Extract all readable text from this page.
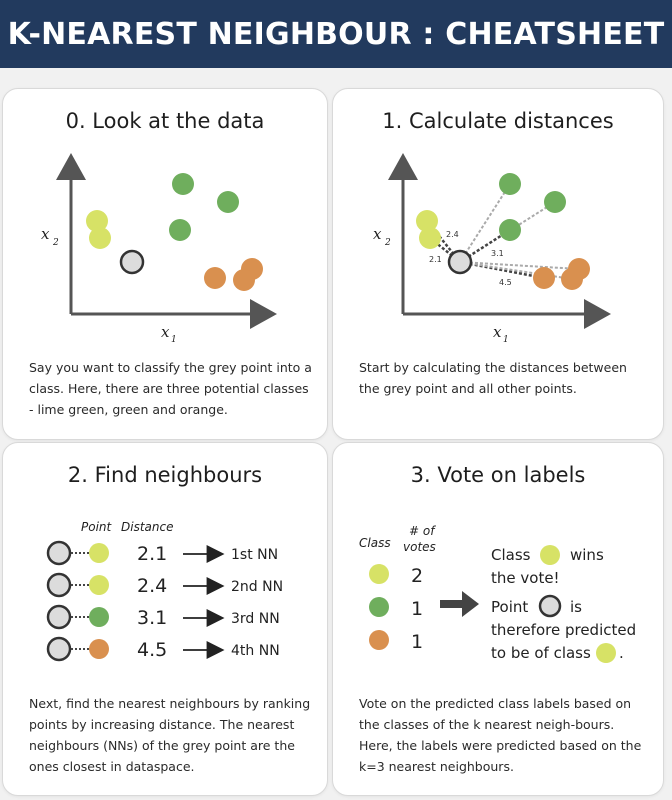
K-NEAREST NEIGHBOUR : CHEATSHEET
0. Look at the data
x 2
x 1
Say you want to classify the grey point into a class. Here, there are three potential classes - lime green, green and orange.
1. Calculate distances
x 2
x 1
2.4
2.1
3.1
4.5
Start by calculating the distances between the grey point and all other points.
2. Find neighbours
Point Distance
2.1	1st NN
2.4	2nd NN
3.1	3rd NN
4.5	4th NN
Next, find the nearest neighbours by ranking points by increasing distance. The nearest neighbours (NNs) of the grey point are the ones closest in dataspace.
3. Vote on labels
Class
# of
votes
2
1
1
Class	wins
the vote!
Point	is
therefore predicted
to be of class .
Vote on the predicted class labels based on the classes of the k nearest neigh-bours. Here, the labels were predicted based on the k=3 nearest neighbours.
